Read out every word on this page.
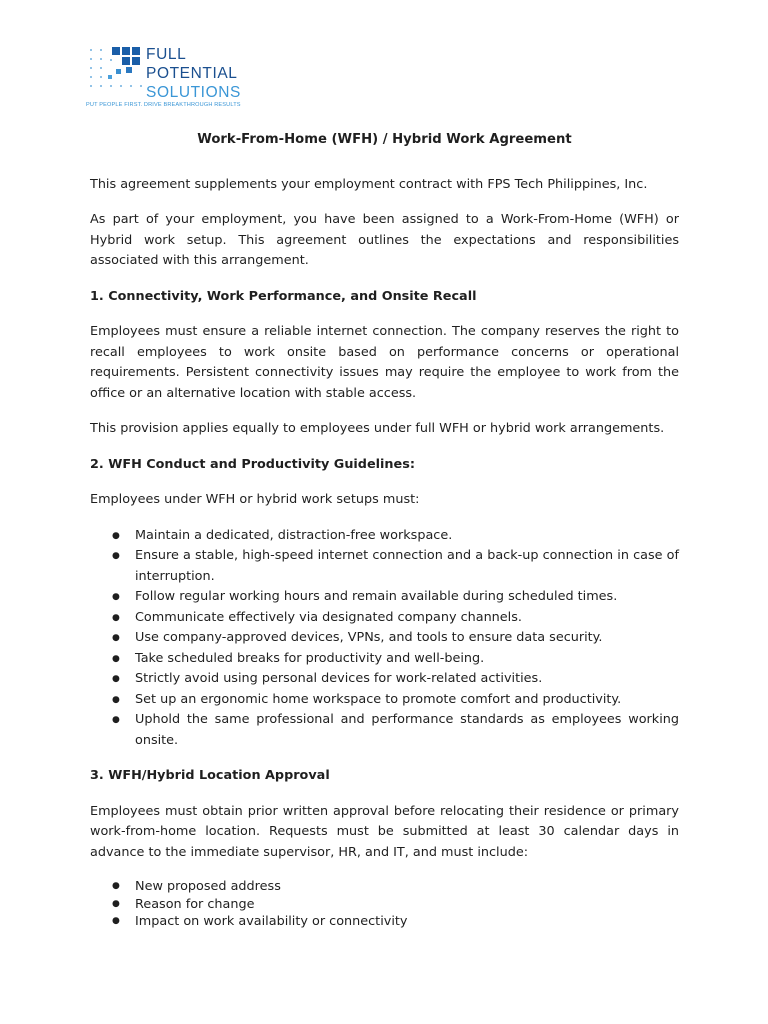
FULL
POTENTIAL
SOLUTIONS
PUT PEOPLE FIRST. DRIVE BREAKTHROUGH RESULTS
Work-From-Home (WFH) / Hybrid Work Agreement

This agreement supplements your employment contract with FPS Tech Philippines, Inc.

As part of your employment, you have been assigned to a Work-From-Home (WFH) or Hybrid work setup. This agreement outlines the expectations and responsibilities associated with this arrangement.

1. Connectivity, Work Performance, and Onsite Recall

Employees must ensure a reliable internet connection. The company reserves the right to recall employees to work onsite based on performance concerns or operational requirements. Persistent connectivity issues may require the employee to work from the office or an alternative location with stable access.

This provision applies equally to employees under full WFH or hybrid work arrangements.

2. WFH Conduct and Productivity Guidelines:

Employees under WFH or hybrid work setups must:

● Maintain a dedicated, distraction-free workspace.
● Ensure a stable, high-speed internet connection and a back-up connection in case of interruption.
● Follow regular working hours and remain available during scheduled times.
● Communicate effectively via designated company channels.
● Use company-approved devices, VPNs, and tools to ensure data security.
● Take scheduled breaks for productivity and well-being.
● Strictly avoid using personal devices for work-related activities.
● Set up an ergonomic home workspace to promote comfort and productivity.
● Uphold the same professional and performance standards as employees working onsite.
3. WFH/Hybrid Location Approval

Employees must obtain prior written approval before relocating their residence or primary work-from-home location. Requests must be submitted at least 30 calendar days in advance to the immediate supervisor, HR, and IT, and must include:

● New proposed address
● Reason for change
● Impact on work availability or connectivity
